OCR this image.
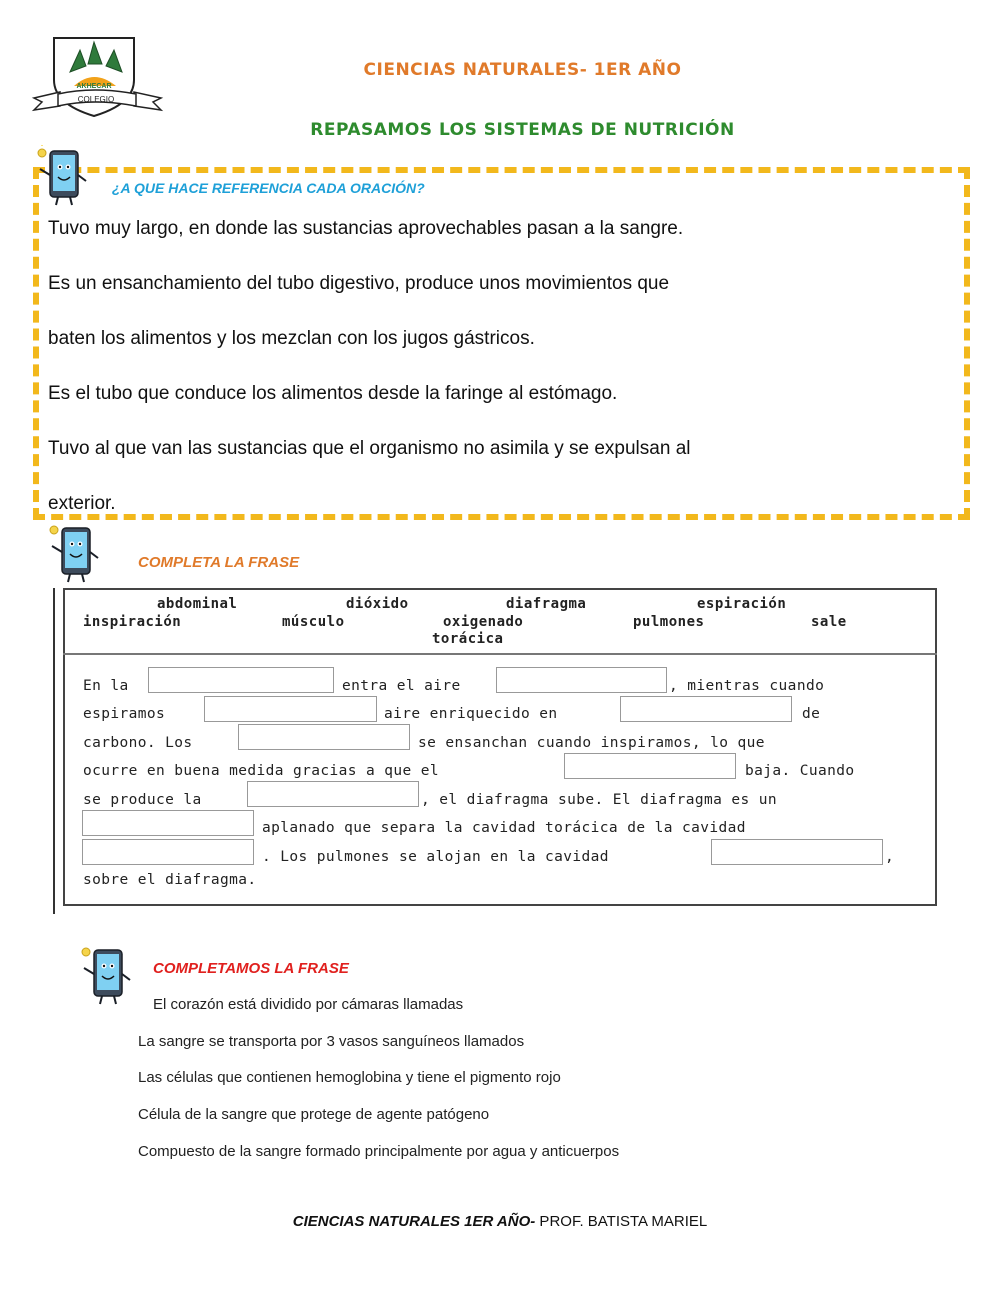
AKHECAR
COLEGIO
CIENCIAS NATURALES- 1ER AÑO
REPASAMOS LOS SISTEMAS DE NUTRICIÓN
¿A QUE HACE REFERENCIA CADA ORACIÓN?
Tuvo muy largo, en donde las sustancias aprovechables pasan a la sangre.
Es un ensanchamiento del tubo digestivo, produce unos movimientos que
baten los alimentos y los mezclan con los jugos gástricos.
Es el tubo que conduce los alimentos desde la faringe al estómago.
Tuvo al que van las sustancias que el organismo no asimila y se expulsan al
exterior.
COMPLETA LA FRASE
abdominal	dióxido	diafragma	espiración
inspiración	músculo	oxigenado	pulmones	sale
torácica
En la	entra el aire	, mientras cuando
espiramos	aire enriquecido en	de
carbono. Los	se ensanchan cuando inspiramos, lo que
ocurre en buena medida gracias a que el	baja. Cuando
se produce la	, el diafragma sube. El diafragma es un
aplanado que separa la cavidad torácica de la cavidad
. Los pulmones se alojan en la cavidad	,
sobre el diafragma.
COMPLETAMOS LA FRASE
El corazón está dividido por cámaras llamadas
La sangre se transporta por 3 vasos sanguíneos llamados
Las células que contienen hemoglobina y tiene el pigmento rojo
Célula de la sangre que protege de agente patógeno
Compuesto de la sangre formado principalmente por agua y anticuerpos
CIENCIAS NATURALES 1ER AÑO- PROF. BATISTA MARIEL
